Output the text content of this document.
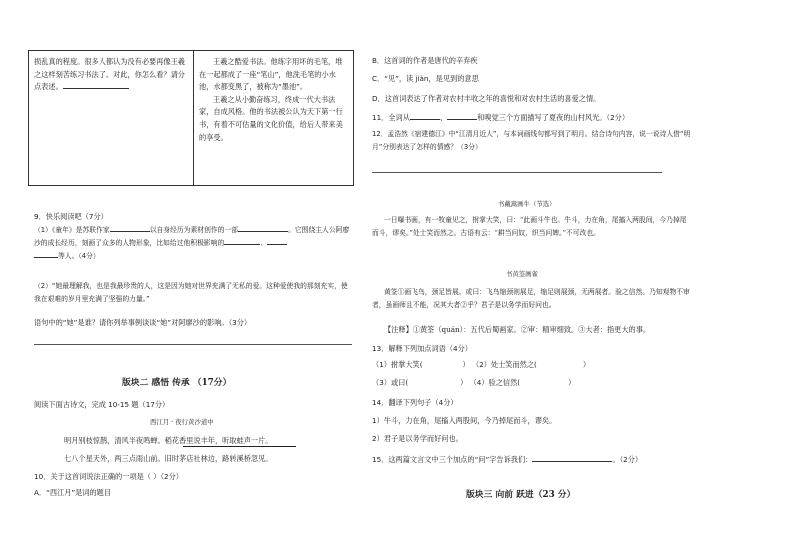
损乱真的程度。很多人都认为没有必要再像王羲之这样刻苦练习书法了。对此，你怎么看？请分点表述。	
王羲之酷爱书法。他练字用坏的毛笔，堆在一起都成了一座“笔山”，他洗毛笔的小水池，水都变黑了，被称为“墨池”。
王羲之从小勤奋练习，终成一代大书法家，自成风格。他的书法被公认为天下第一行书，有着不可估量的文化价值，给后人带来美的享受。
9．快乐阅读吧（7分）
（1）《童年》是苏联作家	以自身经历为素材创作的一部	。它围绕主人公阿廖沙的成长经历，刻画了众多的人物形象，比如给过他积极影响的	、
等人。（4分）
（2）“她最理解我，也是我最珍贵的人，这是因为她对世界充满了无私的爱。这种爱使我的那刻充实，使我在艰难的岁月里充满了坚强的力量。”
语句中的“她”是谁？请你列举事例谈谈“她”对阿廖沙的影响。（3分）
版块二 感悟 传承 （17分）
阅读下面古诗文，完成 10-15 题（17分）
西江月 · 夜行黄沙道中
明月别枝惊鹊，清风半夜鸣蝉。稻花香里说丰年，听取蛙声一片。
七八个星天外，两三点雨山前。旧时茅店社林边，路转溪桥忽见。
10．关于这首词说法正确的一项是（ ）（2分）
A．“西江月”是词的题目
B．这首词的作者是唐代的辛弃疾
C．“见”，读 jiàn，是见到的意思
D．这首词表达了作者对农村丰收之年的喜悦和对农村生活的喜爱之情。
11．全词从	、	和嗅觉三个方面描写了夏夜的山村风光。（2分）
12．孟浩然《宿建德江》中“江清月近人”，与本词画线句都写到了明月。结合诗句内容，说一说诗人借“明月”分别表达了怎样的情感？（3分）
书戴嵩画牛（节选）
一日曝书画，有一牧童见之，拊掌大笑，曰：“此画斗牛也。牛斗，力在角，尾搐入两股间，今乃掉尾而斗，谬矣。”处士笑而然之。古语有云：“耕当问奴，织当问婢。”不可改也。
书黄筌画雀
黄筌①画飞鸟，颈足皆展。或曰：飞鸟缩颈则展足，缩足则展颈，无两展者。验之信然。乃知观物不审者，虽画师且不能，况其大者②乎？君子是以务学而好问也。
【注释】①黄筌（quán）：五代后蜀画家。②审：精审细致。③大者：指更大的事。
13．解释下列加点词语（4分）
（1）拊掌大笑(	） （2）处士笑而然之(	）
（3）或曰(	） （4）验之信然(	）
14．翻译下列句子（4分）
1）牛斗，力在角，尾搐入两股间，今乃掉尾而斗，谬矣。
2）君子是以务学而好问也。
15．这两篇文言文中三个加点的“问”字告诉我们：	。（2分）
版块三 向前 跃进（23 分）
